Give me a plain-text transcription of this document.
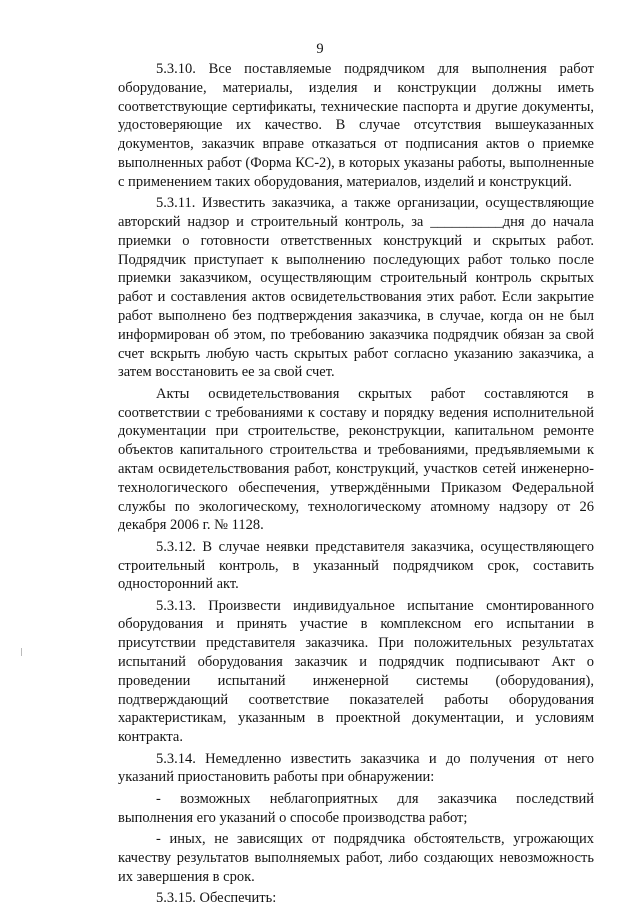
9

5.3.10. Все поставляемые подрядчиком для выполнения работ оборудование, материалы, изделия и конструкции должны иметь соответствующие сертификаты, технические паспорта и другие документы, удостоверяющие их качество. В случае отсутствия вышеуказанных документов, заказчик вправе отказаться от подписания актов о приемке выполненных работ (Форма КС-2), в которых указаны работы, выполненные с применением таких оборудования, материалов, изделий и конструкций.

5.3.11. Известить заказчика, а также организации, осуществляющие авторский надзор и строительный контроль, за __________дня до начала приемки о готовности ответственных конструкций и скрытых работ. Подрядчик приступает к выполнению последующих работ только после приемки заказчиком, осуществляющим строительный контроль скрытых работ и составления актов освидетельствования этих работ. Если закрытие работ выполнено без подтверждения заказчика, в случае, когда он не был информирован об этом, по требованию заказчика подрядчик обязан за свой счет вскрыть любую часть скрытых работ согласно указанию заказчика, а затем восстановить ее за свой счет.

Акты освидетельствования скрытых работ составляются в соответствии с требованиями к составу и порядку ведения исполнительной документации при строительстве, реконструкции, капитальном ремонте объектов капитального строительства и требованиями, предъявляемыми к актам освидетельствования работ, конструкций, участков сетей инженерно-технологического обеспечения, утверждёнными Приказом Федеральной службы по экологическому, технологическому атомному надзору от 26 декабря 2006 г. № 1128.

5.3.12. В случае неявки представителя заказчика, осуществляющего строительный контроль, в указанный подрядчиком срок, составить односторонний акт.

5.3.13. Произвести индивидуальное испытание смонтированного оборудования и принять участие в комплексном его испытании в присутствии представителя заказчика. При положительных результатах испытаний оборудования заказчик и подрядчик подписывают Акт о проведении испытаний инженерной системы (оборудования), подтверждающий соответствие показателей работы оборудования характеристикам, указанным в проектной документации, и условиям контракта.

5.3.14. Немедленно известить заказчика и до получения от него указаний приостановить работы при обнаружении:

- возможных неблагоприятных для заказчика последствий выполнения его указаний о способе производства работ;

- иных, не зависящих от подрядчика обстоятельств, угрожающих качеству результатов выполняемых работ, либо создающих невозможность их завершения в срок.

5.3.15. Обеспечить:
